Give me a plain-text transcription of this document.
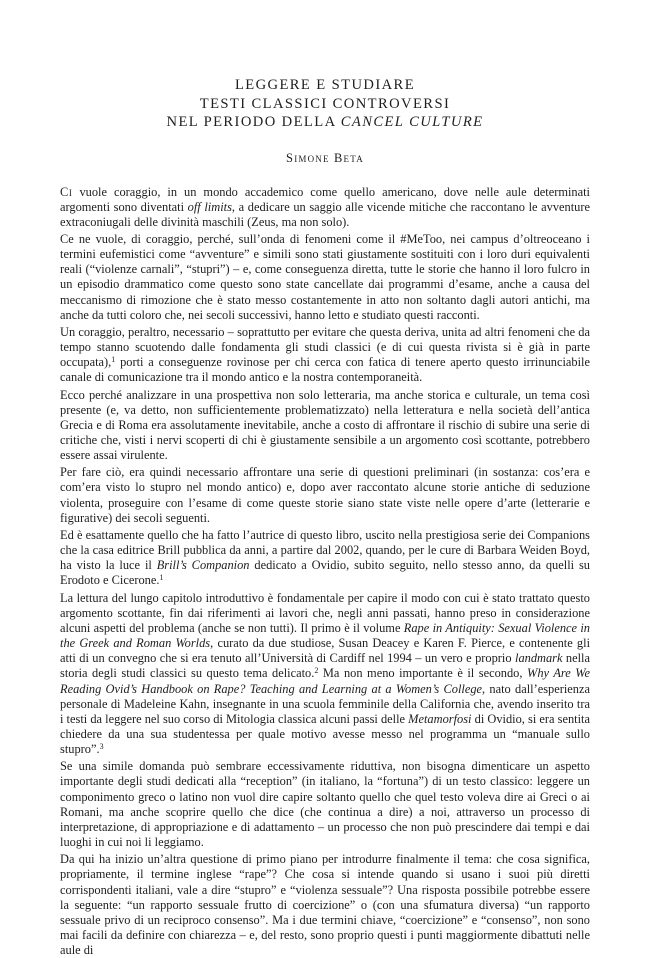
LEGGERE E STUDIARE
TESTI CLASSICI CONTROVERSI
NEL PERIODO DELLA CANCEL CULTURE
Simone Beta

Ci vuole coraggio, in un mondo accademico come quello americano, dove nelle aule determinati argomenti sono diventati off limits, a dedicare un saggio alle vicende mitiche che raccontano le avventure extraconiugali delle divinità maschili (Zeus, ma non solo).

Ce ne vuole, di coraggio, perché, sull’onda di fenomeni come il #MeToo, nei campus d’oltreoceano i termini eufemistici come “avventure” e simili sono stati giustamente sostituiti con i loro duri equivalenti reali (“violenze carnali”, “stupri”) – e, come conseguenza diretta, tutte le storie che hanno il loro fulcro in un episodio drammatico come questo sono state cancellate dai programmi d’esame, anche a causa del meccanismo di rimozione che è stato messo costantemente in atto non soltanto dagli autori antichi, ma anche da tutti coloro che, nei secoli successivi, hanno letto e studiato questi racconti.

Un coraggio, peraltro, necessario – soprattutto per evitare che questa deriva, unita ad altri fenomeni che da tempo stanno scuotendo dalle fondamenta gli studi classici (e di cui questa rivista si è già in parte occupata),$^1$ porti a conseguenze rovinose per chi cerca con fatica di tenere aperto questo irrinunciabile canale di comunicazione tra il mondo antico e la nostra contemporaneità.

Ecco perché analizzare in una prospettiva non solo letteraria, ma anche storica e culturale, un tema così presente (e, va detto, non sufficientemente problematizzato) nella letteratura e nella società dell’antica Grecia e di Roma era assolutamente inevitabile, anche a costo di affrontare il rischio di subire una serie di critiche che, visti i nervi scoperti di chi è giustamente sensibile a un argomento così scottante, potrebbero essere assai virulente.

Per fare ciò, era quindi necessario affrontare una serie di questioni preliminari (in sostanza: cos’era e com’era visto lo stupro nel mondo antico) e, dopo aver raccontato alcune storie antiche di seduzione violenta, proseguire con l’esame di come queste storie siano state viste nelle opere d’arte (letterarie e figurative) dei secoli seguenti.

Ed è esattamente quello che ha fatto l’autrice di questo libro, uscito nella prestigiosa serie dei Companions che la casa editrice Brill pubblica da anni, a partire dal 2002, quando, per le cure di Barbara Weiden Boyd, ha visto la luce il Brill’s Companion dedicato a Ovidio, subito seguito, nello stesso anno, da quelli su Erodoto e Cicerone.$^1$

La lettura del lungo capitolo introduttivo è fondamentale per capire il modo con cui è stato trattato questo argomento scottante, fin dai riferimenti ai lavori che, negli anni passati, hanno preso in considerazione alcuni aspetti del problema (anche se non tutti). Il primo è il volume Rape in Antiquity: Sexual Violence in the Greek and Roman Worlds, curato da due studiose, Susan Deacey e Karen F. Pierce, e contenente gli atti di un convegno che si era tenuto all’Università di Cardiff nel 1994 – un vero e proprio landmark nella storia degli studi classici su questo tema delicato.$^2$ Ma non meno importante è il secondo, Why Are We Reading Ovid’s Handbook on Rape? Teaching and Learning at a Women’s College, nato dall’esperienza personale di Madeleine Kahn, insegnante in una scuola femminile della California che, avendo inserito tra i testi da leggere nel suo corso di Mitologia classica alcuni passi delle Metamorfosi di Ovidio, si era sentita chiedere da una sua studentessa per quale motivo avesse messo nel programma un “manuale sullo stupro”.$^3$

Se una simile domanda può sembrare eccessivamente riduttiva, non bisogna dimenticare un aspetto importante degli studi dedicati alla “reception” (in italiano, la “fortuna”) di un testo classico: leggere un componimento greco o latino non vuol dire capire soltanto quello che quel testo voleva dire ai Greci o ai Romani, ma anche scoprire quello che dice (che continua a dire) a noi, attraverso un processo di interpretazione, di appropriazione e di adattamento – un processo che non può prescindere dai tempi e dai luoghi in cui noi li leggiamo.

Da qui ha inizio un’altra questione di primo piano per introdurre finalmente il tema: che cosa significa, propriamente, il termine inglese “rape”? Che cosa si intende quando si usano i suoi più diretti corrispondenti italiani, vale a dire “stupro” e “violenza sessuale”? Una risposta possibile potrebbe essere la seguente: “un rapporto sessuale frutto di coercizione” o (con una sfumatura diversa) “un rapporto sessuale privo di un reciproco consenso”. Ma i due termini chiave, “coercizione” e “consenso”, non sono mai facili da definire con chiarezza – e, del resto, sono proprio questi i punti maggiormente dibattuti nelle aule di
